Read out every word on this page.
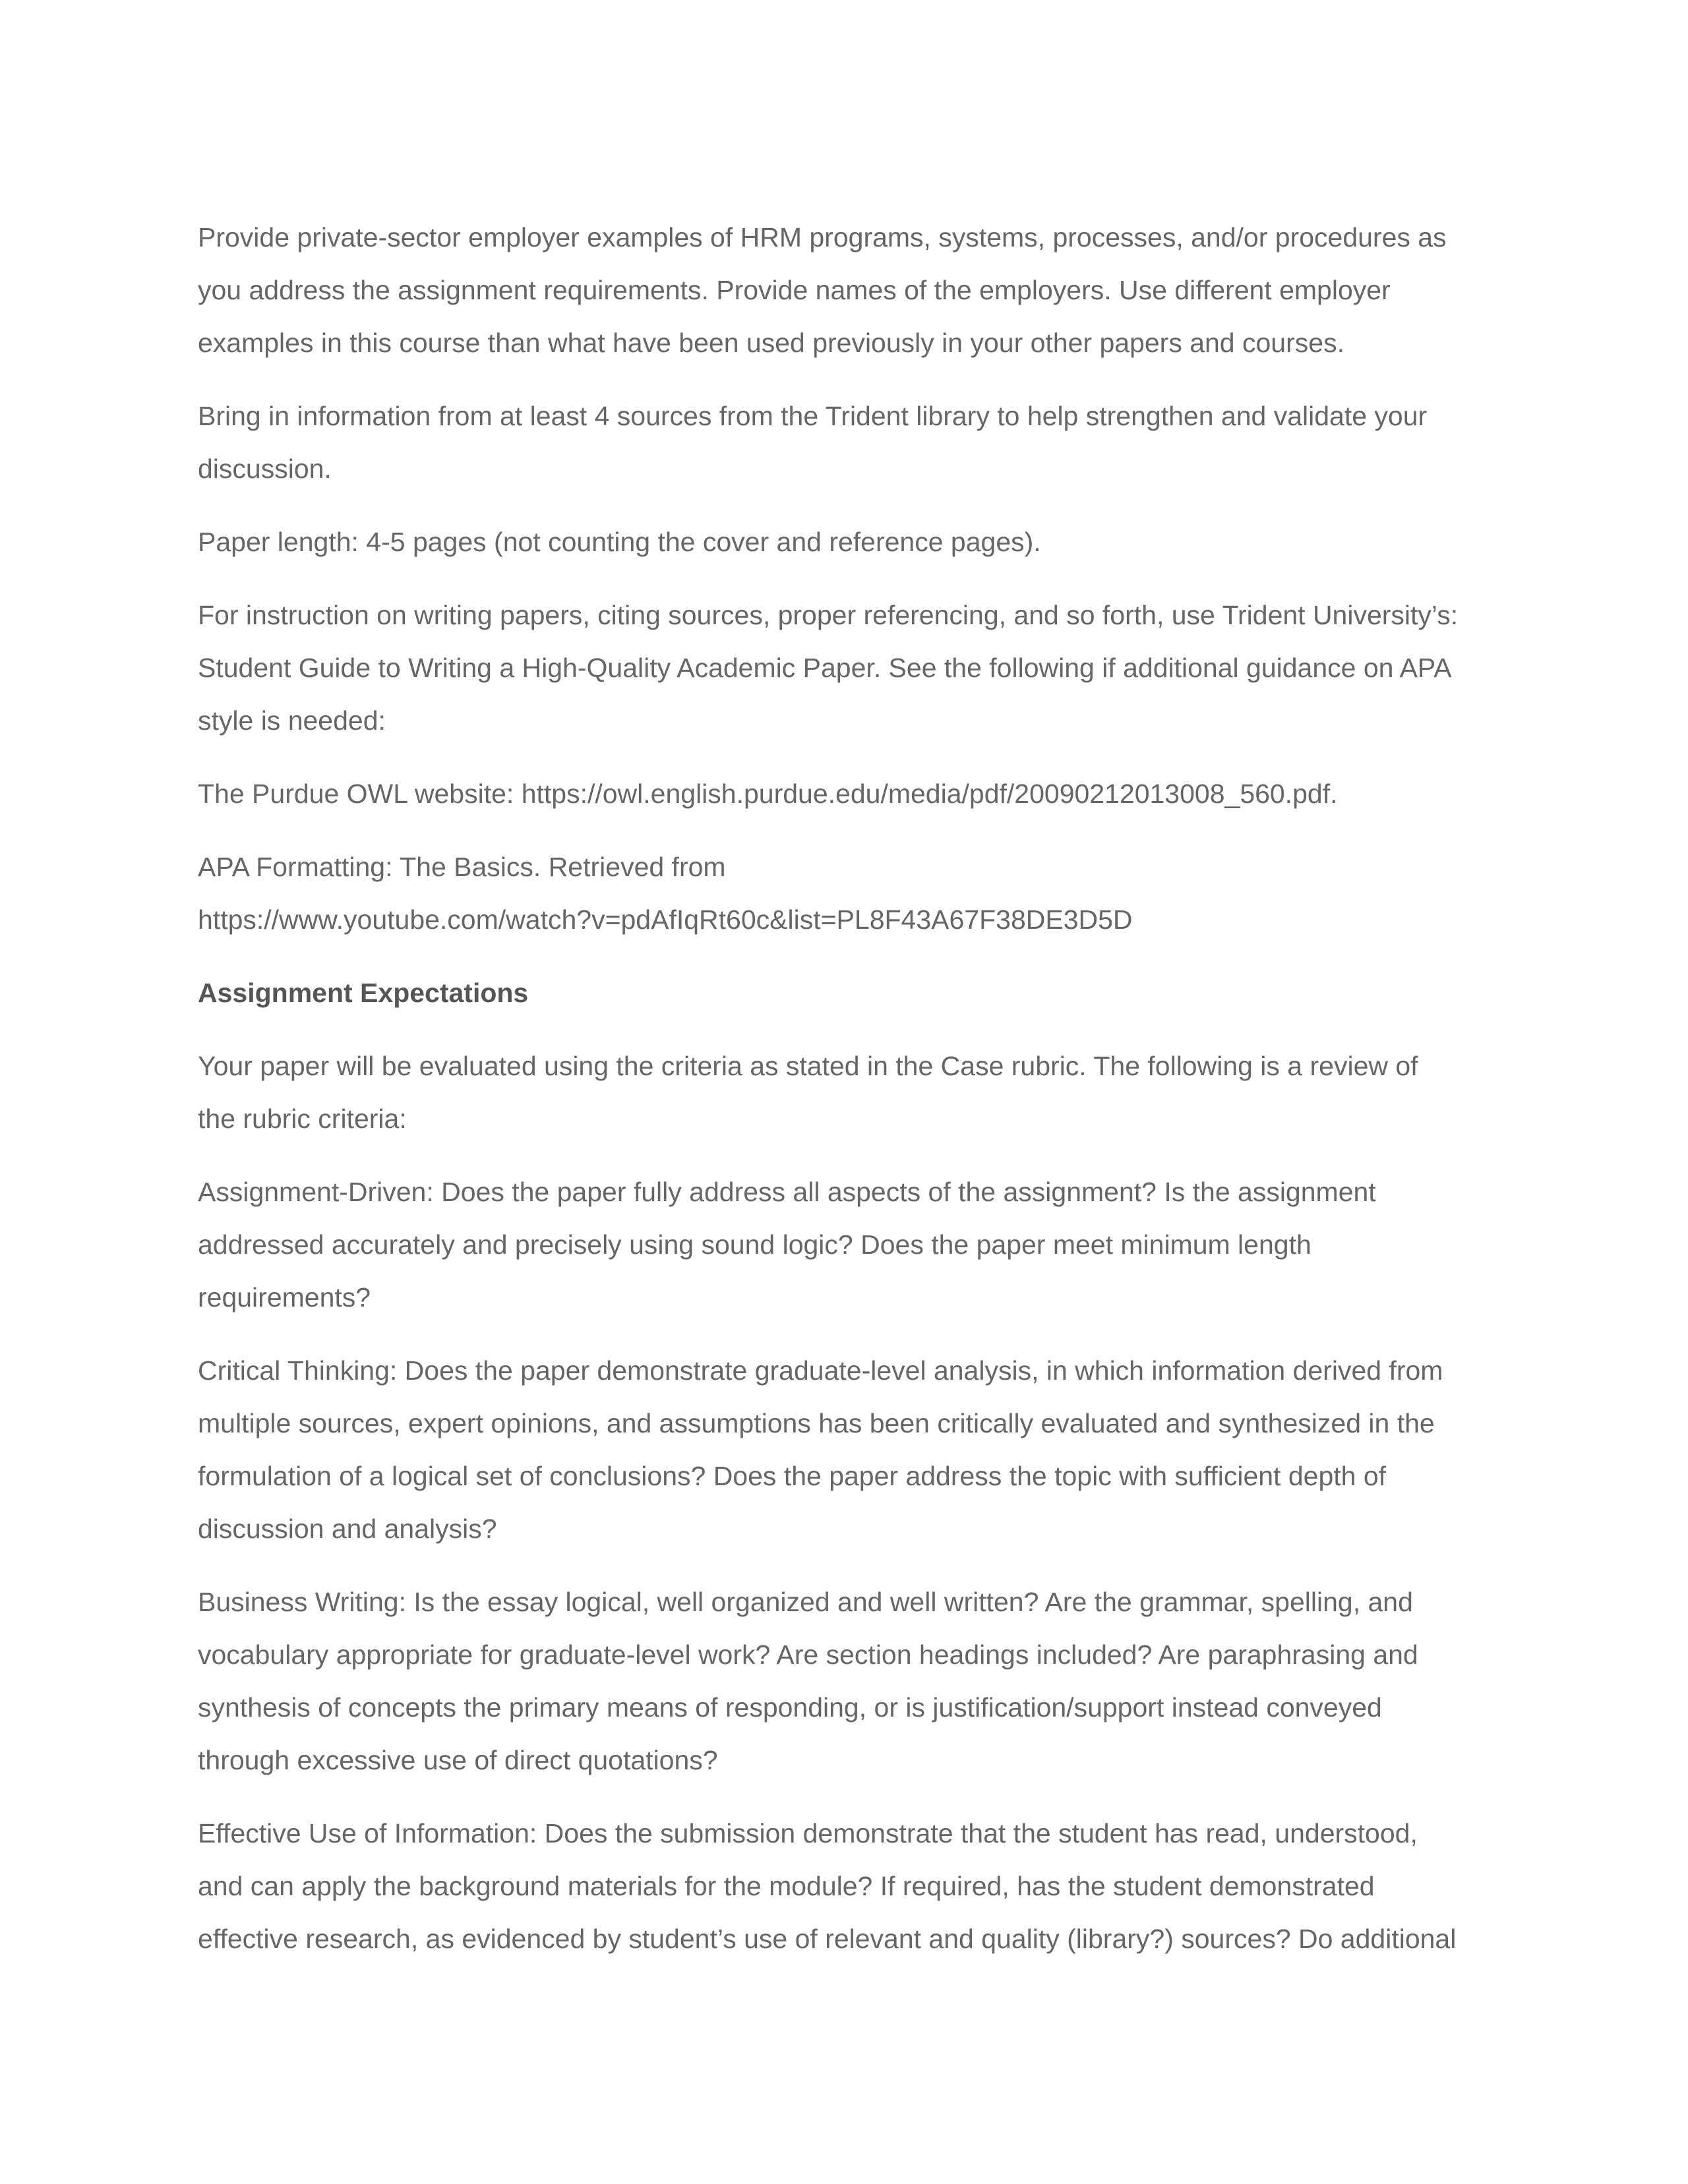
Provide private-sector employer examples of HRM programs, systems, processes, and/or procedures as
you address the assignment requirements. Provide names of the employers. Use different employer
examples in this course than what have been used previously in your other papers and courses.

Bring in information from at least 4 sources from the Trident library to help strengthen and validate your
discussion.

Paper length: 4-5 pages (not counting the cover and reference pages).

For instruction on writing papers, citing sources, proper referencing, and so forth, use Trident University’s:
Student Guide to Writing a High-Quality Academic Paper. See the following if additional guidance on APA
style is needed:

The Purdue OWL website: https://owl.english.purdue.edu/media/pdf/20090212013008_560.pdf.

APA Formatting: The Basics. Retrieved from
https://www.youtube.com/watch?v=pdAfIqRt60c&list=PL8F43A67F38DE3D5D

Assignment Expectations

Your paper will be evaluated using the criteria as stated in the Case rubric. The following is a review of
the rubric criteria:

Assignment-Driven: Does the paper fully address all aspects of the assignment? Is the assignment
addressed accurately and precisely using sound logic? Does the paper meet minimum length
requirements?

Critical Thinking: Does the paper demonstrate graduate-level analysis, in which information derived from
multiple sources, expert opinions, and assumptions has been critically evaluated and synthesized in the
formulation of a logical set of conclusions? Does the paper address the topic with sufficient depth of
discussion and analysis?

Business Writing: Is the essay logical, well organized and well written? Are the grammar, spelling, and
vocabulary appropriate for graduate-level work? Are section headings included? Are paraphrasing and
synthesis of concepts the primary means of responding, or is justification/support instead conveyed
through excessive use of direct quotations?

Effective Use of Information: Does the submission demonstrate that the student has read, understood,
and can apply the background materials for the module? If required, has the student demonstrated
effective research, as evidenced by student’s use of relevant and quality (library?) sources? Do additional
